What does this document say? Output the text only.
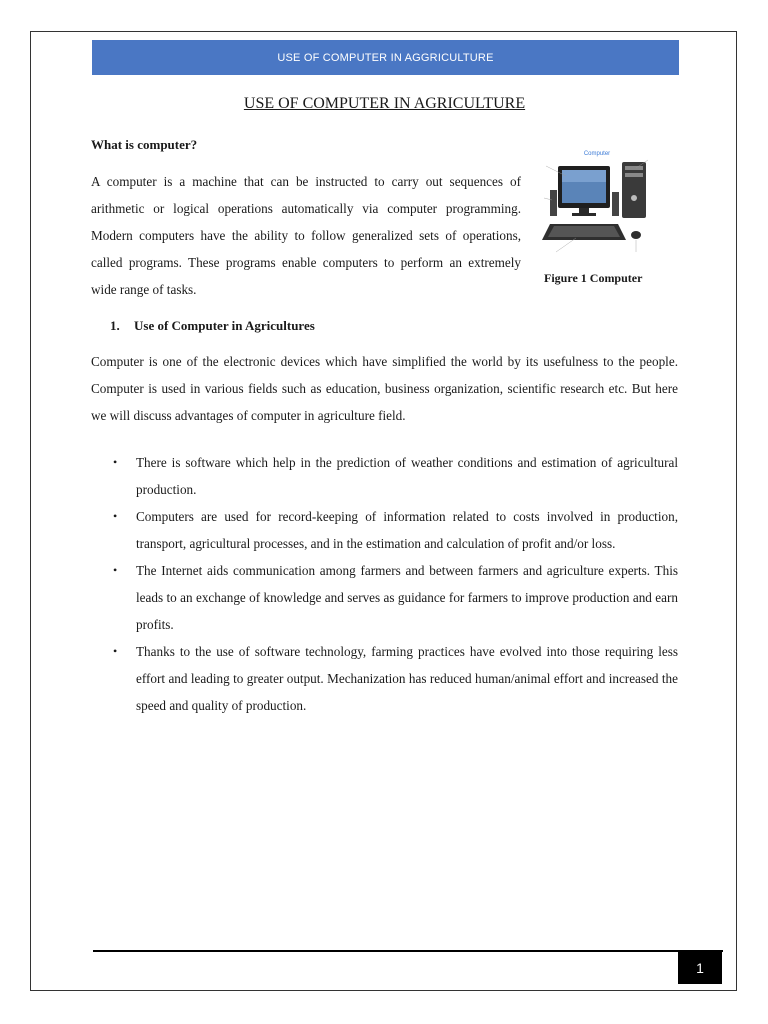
USE OF COMPUTER IN AGGRICULTURE
USE OF COMPUTER IN AGRICULTURE
What is computer?

A computer is a machine that can be instructed to carry out sequences of arithmetic or logical operations automatically via computer programming. Modern computers have the ability to follow generalized sets of operations, called programs. These programs enable computers to perform an extremely wide range of tasks.

Computer
Figure 1 Computer
1. Use of Computer in Agricultures

Computer is one of the electronic devices which have simplified the world by its usefulness to the people. Computer is used in various fields such as education, business organization, scientific research etc. But here we will discuss advantages of computer in agriculture field.

• There is software which help in the prediction of weather conditions and estimation of agricultural production.
• Computers are used for record-keeping of information related to costs involved in production, transport, agricultural processes, and in the estimation and calculation of profit and/or loss.
• The Internet aids communication among farmers and between farmers and agriculture experts. This leads to an exchange of knowledge and serves as guidance for farmers to improve production and earn profits.
• Thanks to the use of software technology, farming practices have evolved into those requiring less effort and leading to greater output. Mechanization has reduced human/animal effort and increased the speed and quality of production.
1
